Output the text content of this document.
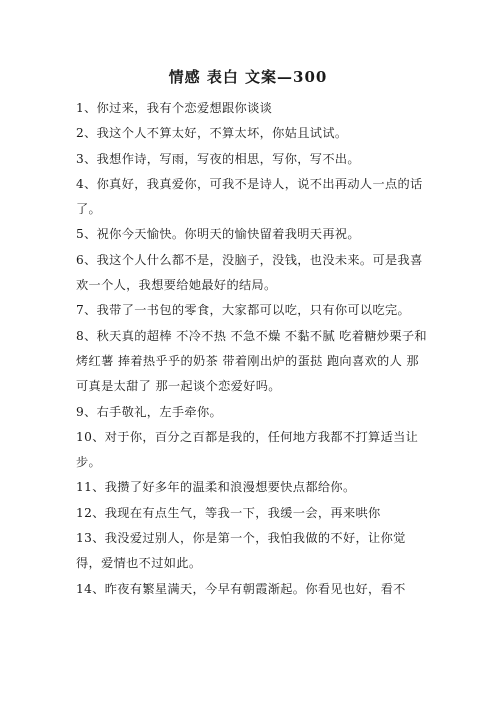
情感 表白 文案—300

1、你过来，我有个恋爱想跟你谈谈

2、我这个人不算太好，不算太坏，你姑且试试。

3、我想作诗，写雨，写夜的相思，写你，写不出。

4、你真好，我真爱你，可我不是诗人，说不出再动人一点的话了。

5、祝你今天愉快。你明天的愉快留着我明天再祝。

6、我这个人什么都不是，没脑子，没钱，也没未来。可是我喜欢一个人，我想要给她最好的结局。

7、我带了一书包的零食，大家都可以吃，只有你可以吃完。

8、秋天真的超棒 不冷不热 不急不燥 不黏不腻 吃着糖炒栗子和烤红薯 捧着热乎乎的奶茶 带着刚出炉的蛋挞 跑向喜欢的人 那可真是太甜了 那一起谈个恋爱好吗。

9、右手敬礼，左手牵你。

10、对于你，百分之百都是我的，任何地方我都不打算适当让步。

11、我攒了好多年的温柔和浪漫想要快点都给你。

12、我现在有点生气，等我一下，我缓一会，再来哄你

13、我没爱过别人，你是第一个，我怕我做的不好，让你觉得，爱情也不过如此。

14、昨夜有繁星满天，今早有朝霞渐起。你看见也好，看不
